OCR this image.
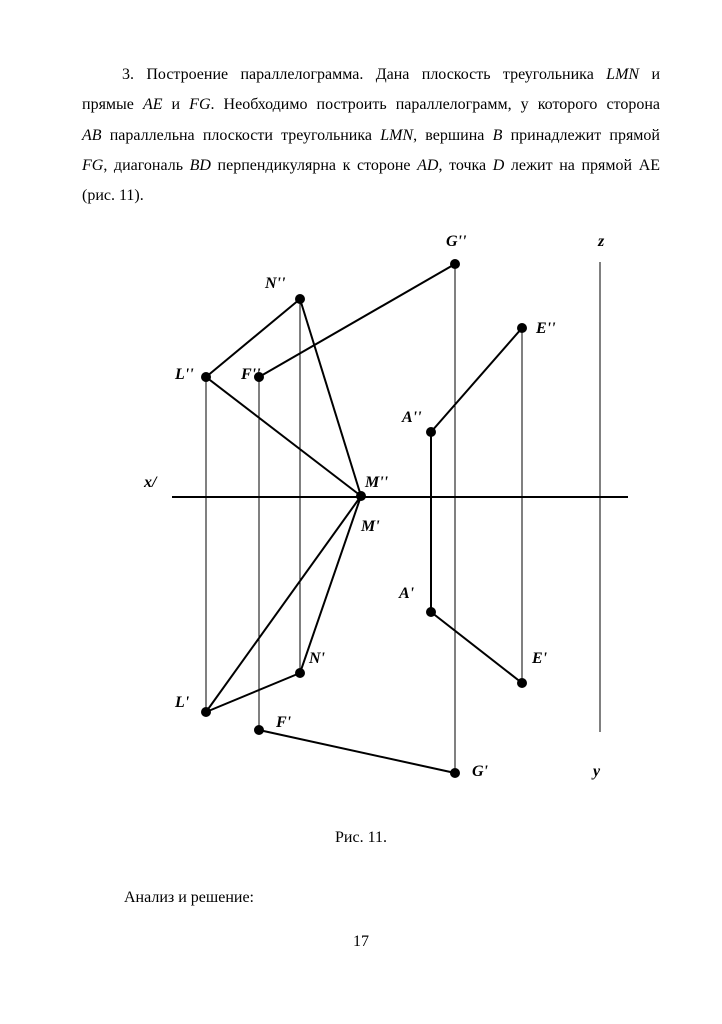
3. Построение параллелограмма. Дана плоскость треугольника LMN и
прямые AE и FG. Необходимо построить параллелограмм, у которого сторона
AB параллельна плоскости треугольника LMN, вершина B принадлежит прямой
FG, диагональ BD перпендикулярна к стороне AD, точка D лежит на прямой АЕ
(рис. 11).
G''	z
N''
E''
L''	F''
A''
x/	M''
M'
A'
N'	E'
L'
F'
G'	y
Рис. 11.
Анализ и решение:
17
